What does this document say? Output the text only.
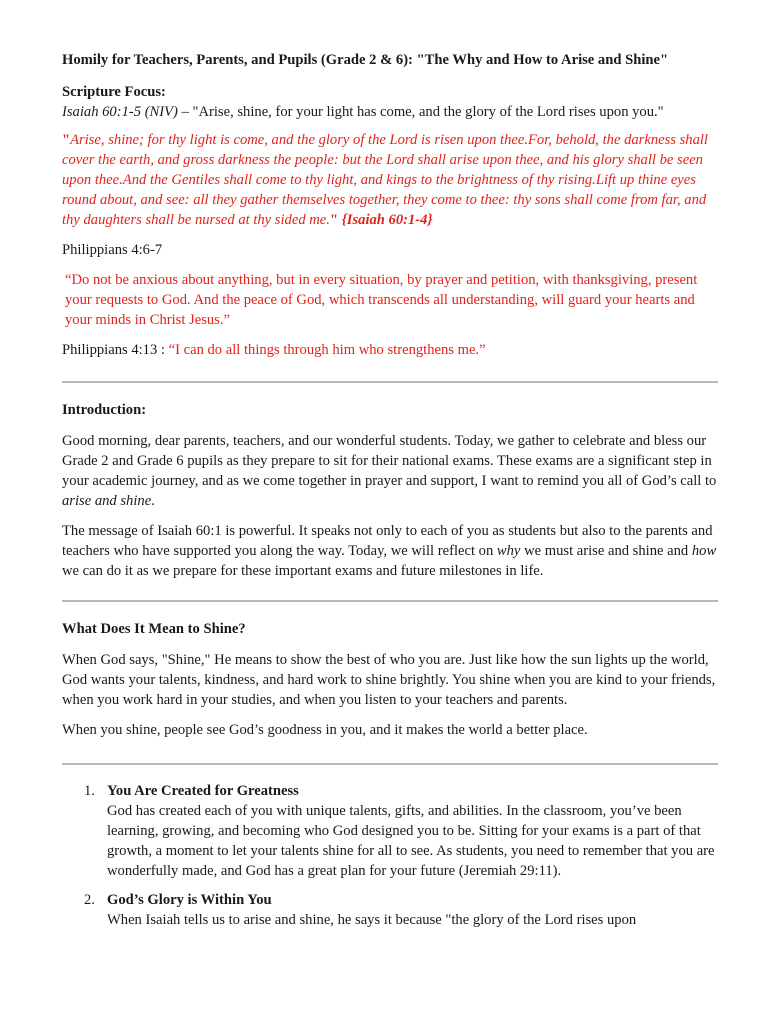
Homily for Teachers, Parents, and Pupils (Grade 2 & 6): "The Why and How to Arise and Shine"

Scripture Focus:

Isaiah 60:1-5 (NIV) – "Arise, shine, for your light has come, and the glory of the Lord rises upon you."

"Arise, shine; for thy light is come, and the glory of the Lord is risen upon thee.For, behold, the darkness shall cover the earth, and gross darkness the people: but the Lord shall arise upon thee, and his glory shall be seen upon thee.And the Gentiles shall come to thy light, and kings to the brightness of thy rising.Lift up thine eyes round about, and see: all they gather themselves together, they come to thee: thy sons shall come from far, and thy daughters shall be nursed at thy sided me." {Isaiah 60:1-4}

Philippians 4:6-7

“Do not be anxious about anything, but in every situation, by prayer and petition, with thanksgiving, present your requests to God. And the peace of God, which transcends all understanding, will guard your hearts and your minds in Christ Jesus.”

Philippians 4:13 : “I can do all things through him who strengthens me.”

Introduction:

Good morning, dear parents, teachers, and our wonderful students. Today, we gather to celebrate and bless our Grade 2 and Grade 6 pupils as they prepare to sit for their national exams. These exams are a significant step in your academic journey, and as we come together in prayer and support, I want to remind you all of God’s call to arise and shine.

The message of Isaiah 60:1 is powerful. It speaks not only to each of you as students but also to the parents and teachers who have supported you along the way. Today, we will reflect on why we must arise and shine and how we can do it as we prepare for these important exams and future milestones in life.

What Does It Mean to Shine?

When God says, "Shine," He means to show the best of who you are. Just like how the sun lights up the world, God wants your talents, kindness, and hard work to shine brightly. You shine when you are kind to your friends, when you work hard in your studies, and when you listen to your teachers and parents.

When you shine, people see God’s goodness in you, and it makes the world a better place.

1. You Are Created for Greatness

God has created each of you with unique talents, gifts, and abilities. In the classroom, you’ve been learning, growing, and becoming who God designed you to be. Sitting for your exams is a part of that growth, a moment to let your talents shine for all to see. As students, you need to remember that you are wonderfully made, and God has a great plan for your future (Jeremiah 29:11).

2. God’s Glory is Within You

When Isaiah tells us to arise and shine, he says it because "the glory of the Lord rises upon
